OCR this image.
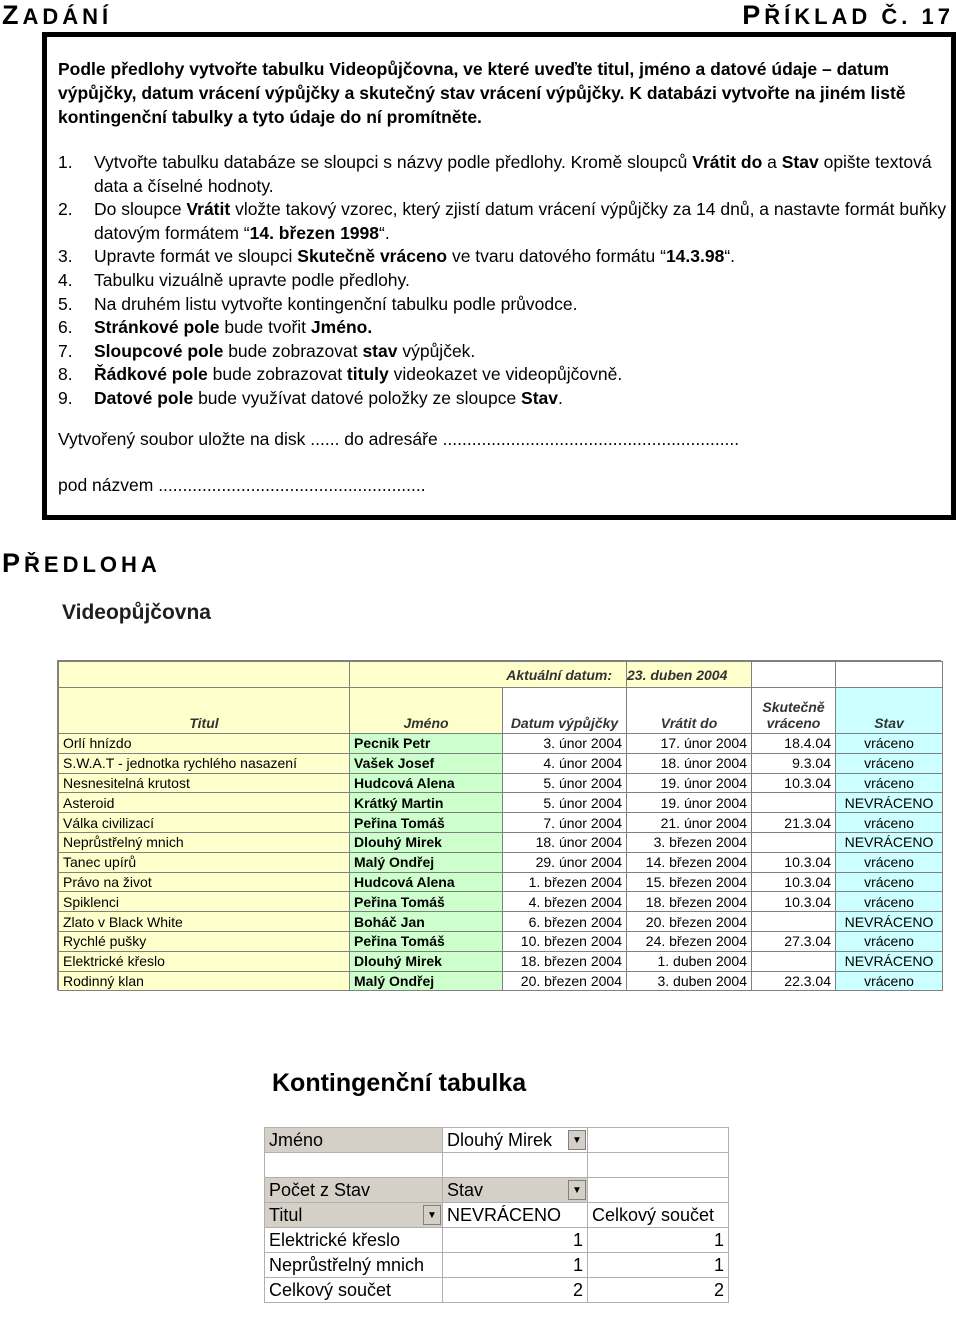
ZADÁNÍ	PŘÍKLAD Č. 17

Podle předlohy vytvořte tabulku Videopůjčovna, ve které uveďte titul, jméno a datové údaje – datum výpůjčky, datum vrácení výpůjčky a skutečný stav vrácení výpůjčky. K databázi vytvořte na jiném listě kontingenční tabulky a tyto údaje do ní promítněte.

1. Vytvořte tabulku databáze se sloupci s názvy podle předlohy. Kromě sloupců Vrátit do a Stav opište textová data a číselné hodnoty.
2. Do sloupce Vrátit vložte takový vzorec, který zjistí datum vrácení výpůjčky za 14 dnů, a nastavte formát buňky datovým formátem “14. březen 1998“.
3. Upravte formát ve sloupci Skutečně vráceno ve tvaru datového formátu “14.3.98“.
4. Tabulku vizuálně upravte podle předlohy.
5. Na druhém listu vytvořte kontingenční tabulku podle průvodce.
6. Stránkové pole bude tvořit Jméno.
7. Sloupcové pole bude zobrazovat stav výpůjček.
8. Řádkové pole bude zobrazovat tituly videokazet ve videopůjčovně.
9. Datové pole bude využívat datové položky ze sloupce Stav.

Vytvořený soubor uložte na disk ...... do adresáře .............................................................

pod názvem .......................................................

PŘEDLOHA
Videopůjčovna
	Aktuální datum:		23. duben 2004		
Titul	Jméno	Datum výpůjčky	Vrátit do	Skutečně vráceno	Stav
Orlí hnízdo	Pecnik Petr	3. únor 2004	17. únor 2004	18.4.04	vráceno
S.W.A.T - jednotka rychlého nasazení	Vašek Josef	4. únor 2004	18. únor 2004	9.3.04	vráceno
Nesnesitelná krutost	Hudcová Alena	5. únor 2004	19. únor 2004	10.3.04	vráceno
Asteroid	Krátký Martin	5. únor 2004	19. únor 2004		NEVRÁCENO
Válka civilizací	Peřina Tomáš	7. únor 2004	21. únor 2004	21.3.04	vráceno
Neprůstřelný mnich	Dlouhý Mirek	18. únor 2004	3. březen 2004		NEVRÁCENO
Tanec upírů	Malý Ondřej	29. únor 2004	14. březen 2004	10.3.04	vráceno
Právo na život	Hudcová Alena	1. březen 2004	15. březen 2004	10.3.04	vráceno
Spiklenci	Peřina Tomáš	4. březen 2004	18. březen 2004	10.3.04	vráceno
Zlato v Black White	Boháč Jan	6. březen 2004	20. březen 2004		NEVRÁCENO
Rychlé pušky	Peřina Tomáš	10. březen 2004	24. březen 2004	27.3.04	vráceno
Elektrické křeslo	Dlouhý Mirek	18. březen 2004	1. duben 2004		NEVRÁCENO
Rodinný klan	Malý Ondřej	20. březen 2004	3. duben 2004	22.3.04	vráceno
Kontingenční tabulka
Jméno	Dlouhý Mirek ▼	

Počet z Stav	Stav ▼	

Titul ▼	NEVRÁCENO	Celkový součet
Elektrické křeslo	1	1
Neprůstřelný mnich	1	1
Celkový součet	2	2
